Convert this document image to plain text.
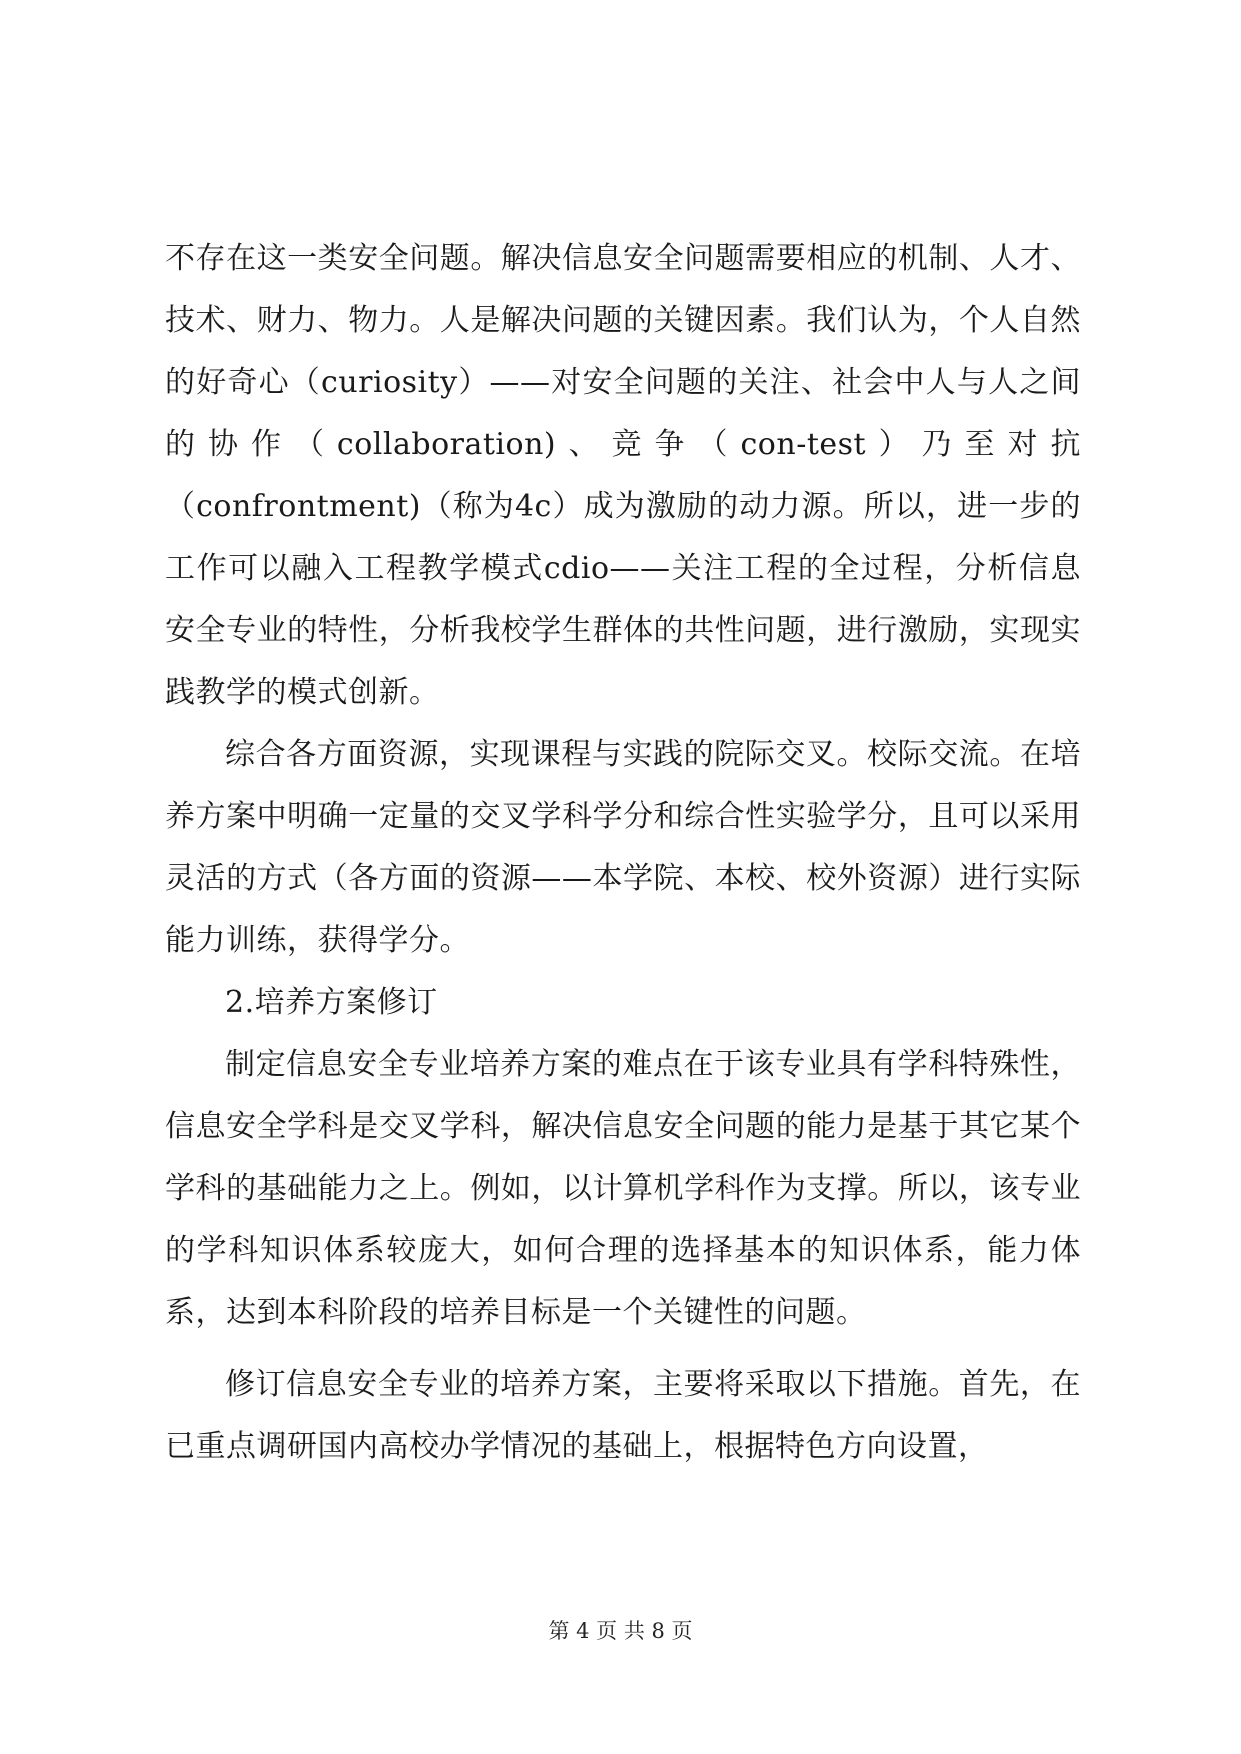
不存在这一类安全问题。解决信息安全问题需要相应的机制、人才、技术、财力、物力。人是解决问题的关键因素。我们认为，个人自然的好奇心（curiosity）——对安全问题的关注、社会中人与人之间的协作（collaboration)、竞争（con-test）乃至对抗（confrontment)（称为4c）成为激励的动力源。所以，进一步的工作可以融入工程教学模式cdio——关注工程的全过程，分析信息安全专业的特性，分析我校学生群体的共性问题，进行激励，实现实践教学的模式创新。

综合各方面资源，实现课程与实践的院际交叉。校际交流。在培养方案中明确一定量的交叉学科学分和综合性实验学分，且可以采用灵活的方式（各方面的资源——本学院、本校、校外资源）进行实际能力训练，获得学分。

2.培养方案修订

制定信息安全专业培养方案的难点在于该专业具有学科特殊性，信息安全学科是交叉学科，解决信息安全问题的能力是基于其它某个学科的基础能力之上。例如，以计算机学科作为支撑。所以，该专业的学科知识体系较庞大，如何合理的选择基本的知识体系，能力体系，达到本科阶段的培养目标是一个关键性的问题。

修订信息安全专业的培养方案，主要将采取以下措施。首先，在已重点调研国内高校办学情况的基础上，根据特色方向设置，

第 4 页 共 8 页
